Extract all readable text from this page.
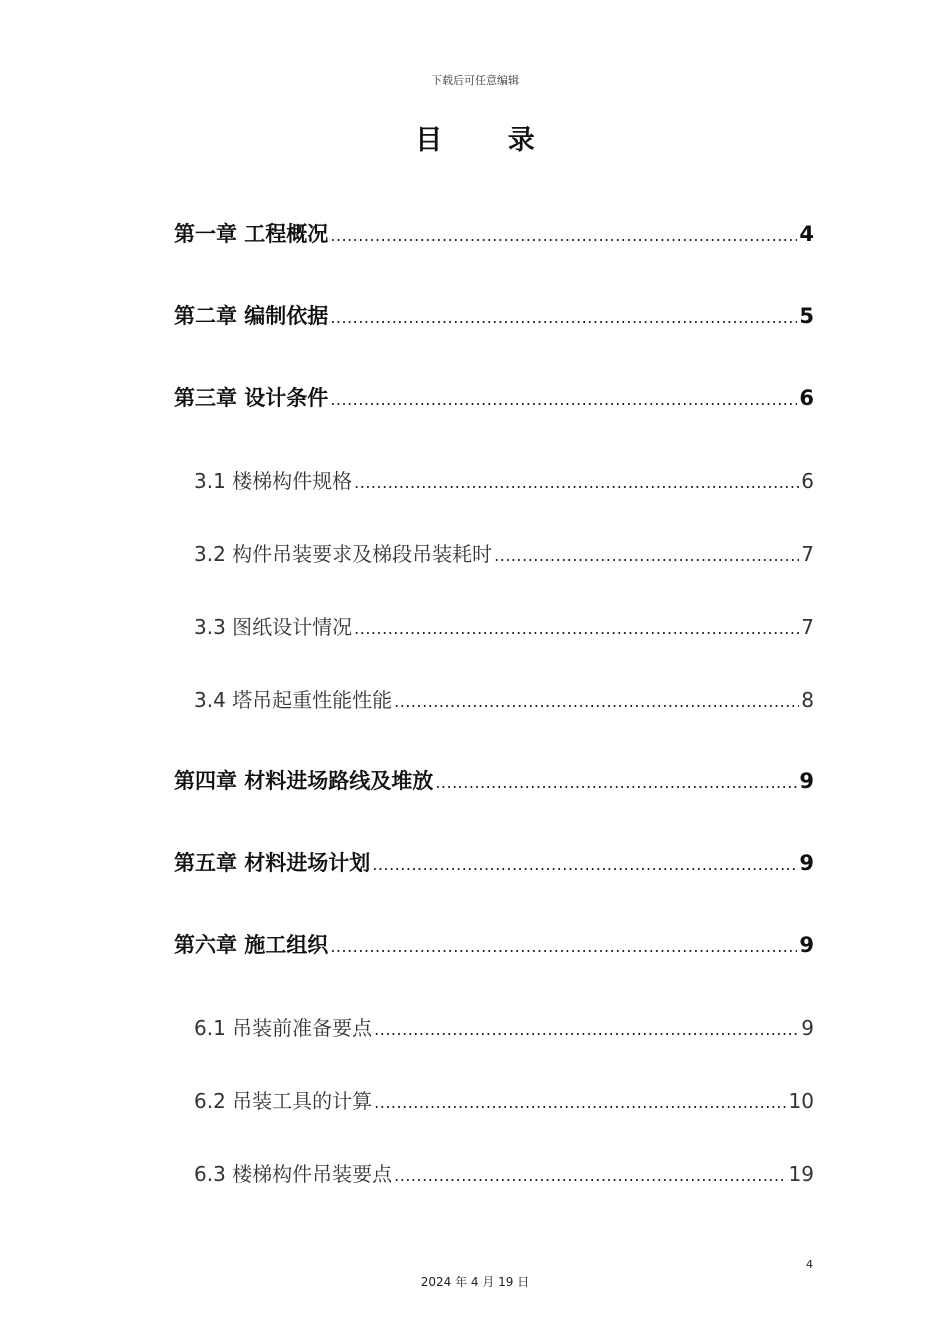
下载后可任意编辑
目 录
第一章 工程概况 .....	4
第二章 编制依据 .....	5
第三章 设计条件 .....	6
3.1 楼梯构件规格 .....	6
3.2 构件吊装要求及梯段吊装耗时 .....	7
3.3 图纸设计情况 .....	7
3.4 塔吊起重性能性能 .....	8
第四章 材料进场路线及堆放 .....	9
第五章 材料进场计划 .....	9
第六章 施工组织 .....	9
6.1 吊装前准备要点 .....	9
6.2 吊装工具的计算 .....	10
6.3 楼梯构件吊装要点 .....	19
4
2024 年 4 月 19 日
